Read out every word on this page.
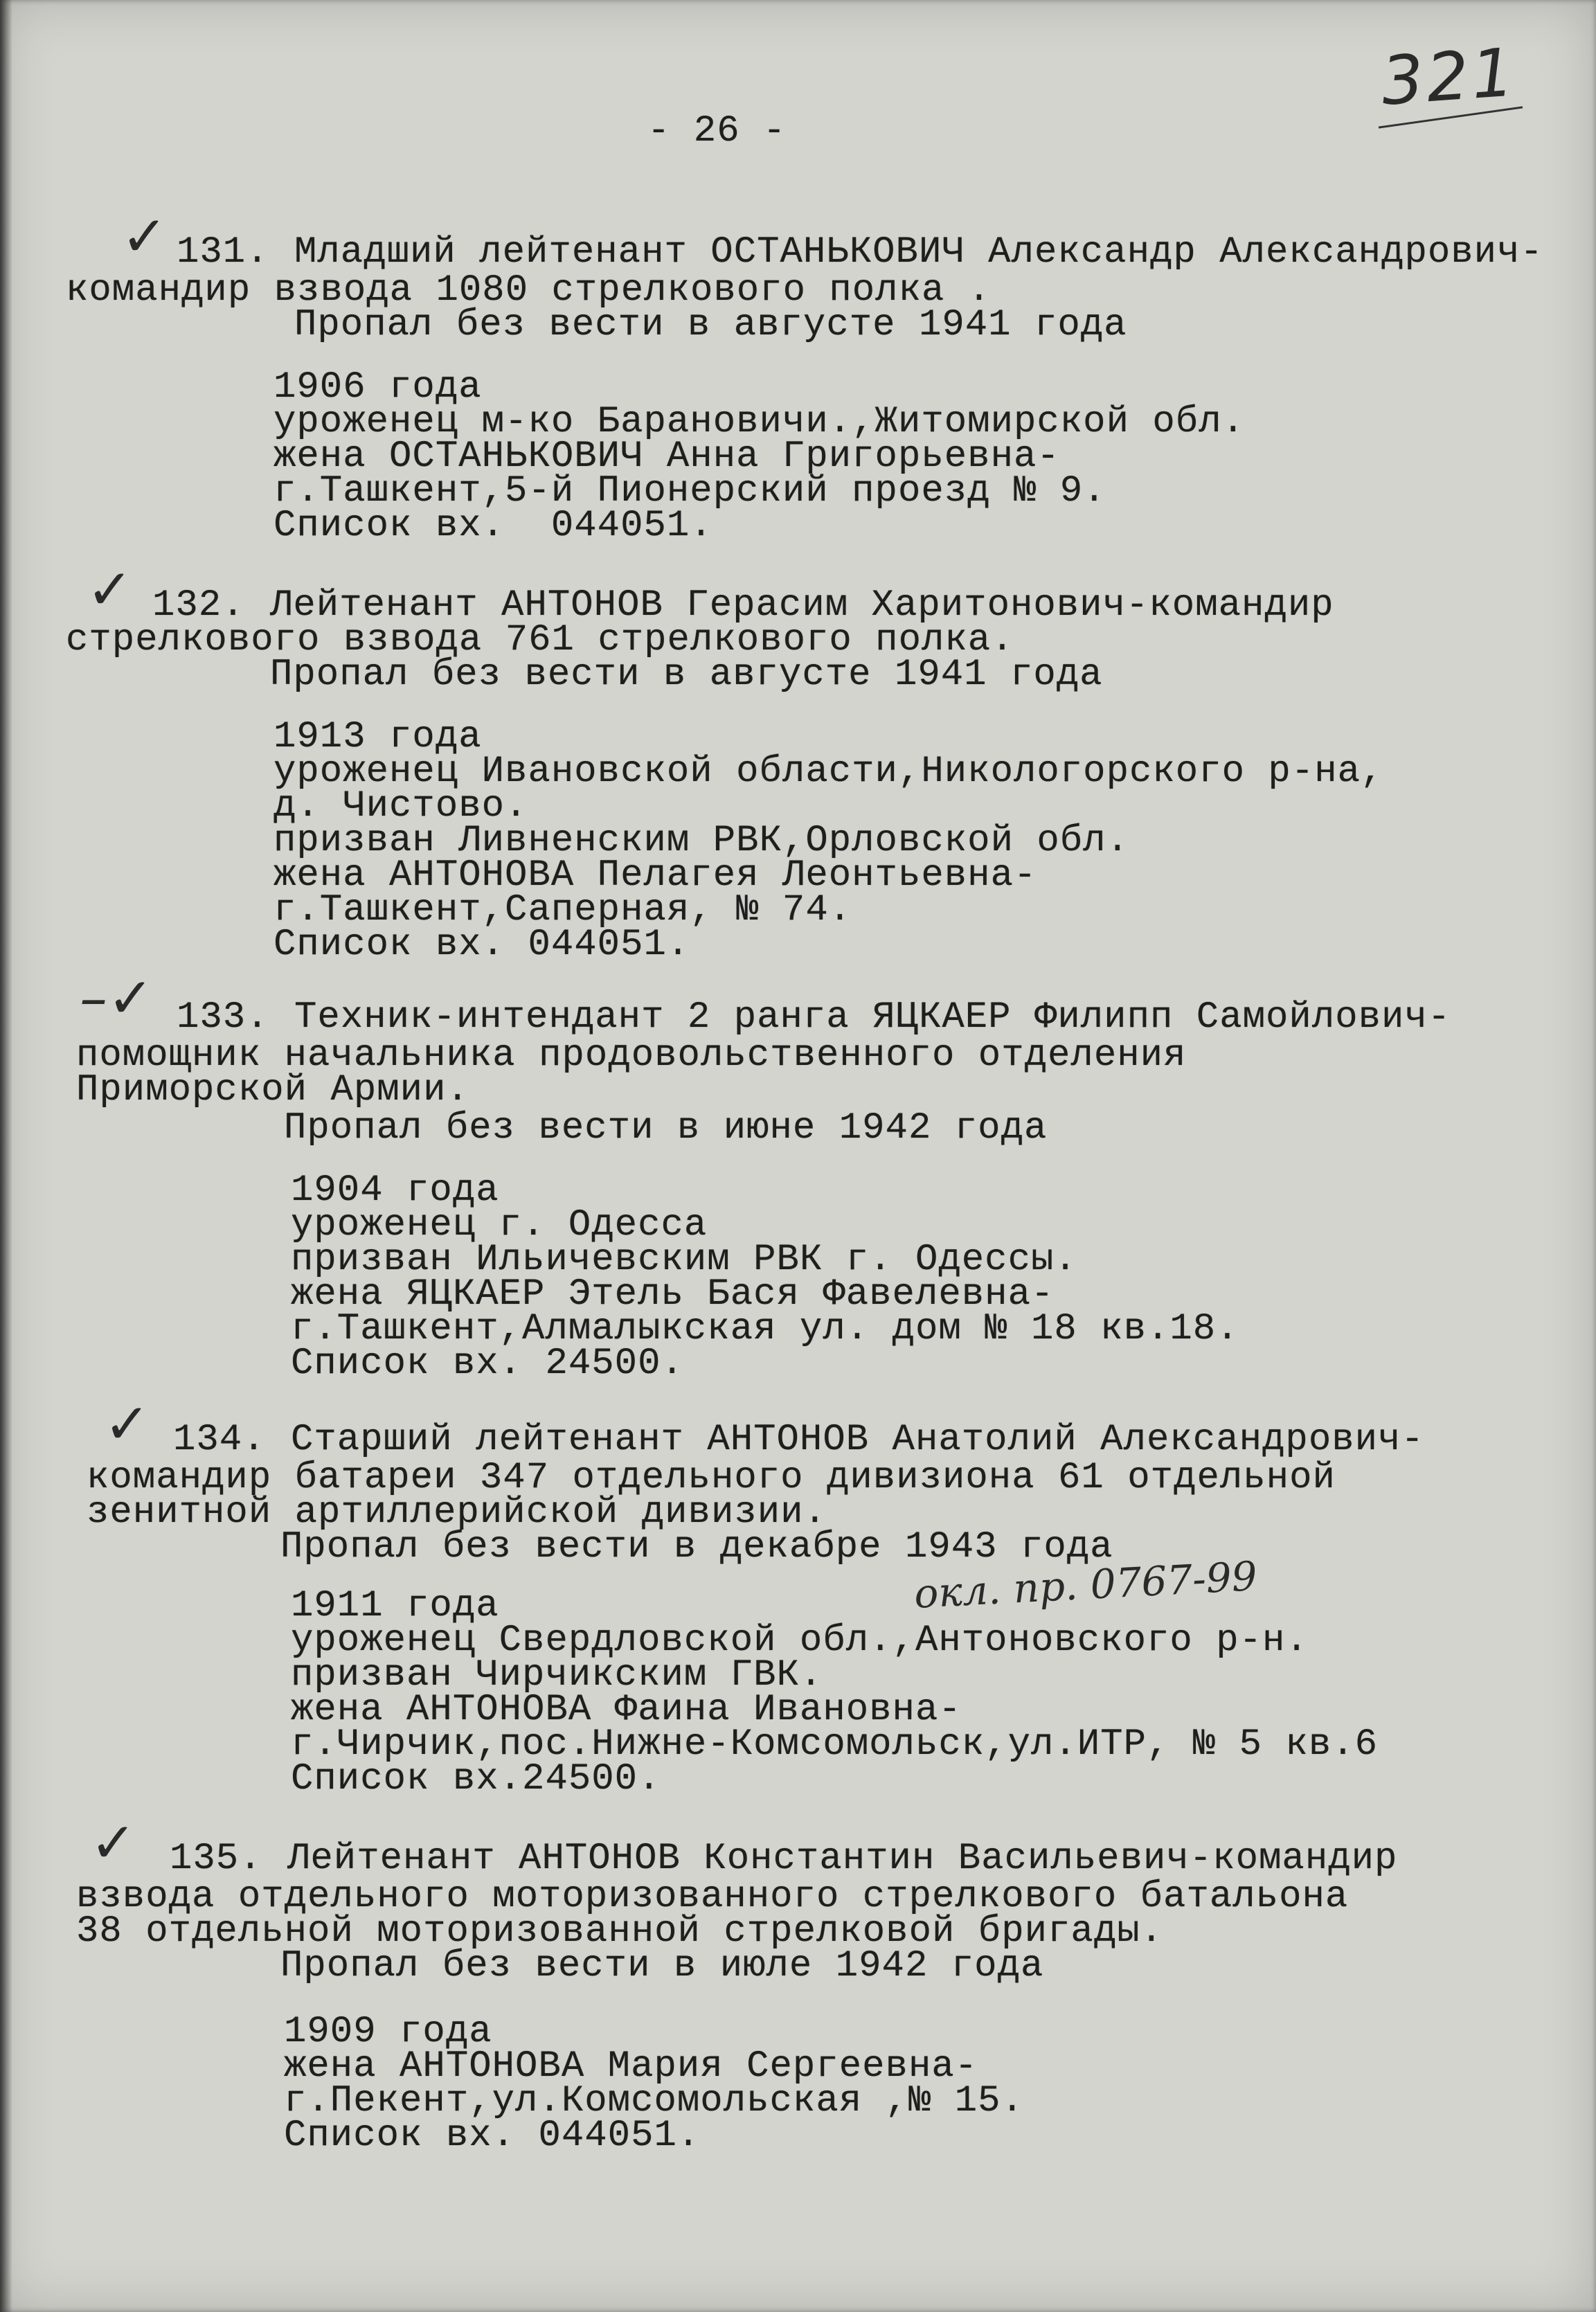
321
- 26 -
✓ 131. Младший лейтенант ОСТАНЬКОВИЧ Александр Александрович-
командир взвода 1080 стрелкового полка .
Пропал без вести в августе 1941 года
1906 года
уроженец м-ко Барановичи.,Житомирской обл.
жена ОСТАНЬКОВИЧ Анна Григорьевна-
г.Ташкент,5-й Пионерский проезд № 9.
Список вх.  044051.
✓ 132. Лейтенант АНТОНОВ Герасим Харитонович-командир
стрелкового взвода 761 стрелкового полка.
Пропал без вести в августе 1941 года
1913 года
уроженец Ивановской области,Никологорского р-на,
д. Чистово.
призван Ливненским РВК,Орловской обл.
жена АНТОНОВА Пелагея Леонтьевна-
г.Ташкент,Саперная, № 74.
Список вх. 044051.
–✓ 133. Техник-интендант 2 ранга ЯЦКАЕР Филипп Самойлович-
помощник начальника продовольственного отделения
Приморской Армии.
Пропал без вести в июне 1942 года
1904 года
уроженец г. Одесса
призван Ильичевским РВК г. Одессы.
жена ЯЦКАЕР Этель Бася Фавелевна-
г.Ташкент,Алмалыкская ул. дом № 18 кв.18.
Список вх. 24500.
✓ 134. Старший лейтенант АНТОНОВ Анатолий Александрович-
командир батареи 347 отдельного дивизиона 61 отдельной
зенитной артиллерийской дивизии.
Пропал без вести в декабре 1943 года
1911 года	окл. пр. 0767-99
уроженец Свердловской обл.,Антоновского р-н.
призван Чирчикским ГВК.
жена АНТОНОВА Фаина Ивановна-
г.Чирчик,пос.Нижне-Комсомольск,ул.ИТР, № 5 кв.6
Список вх.24500.
✓ 135. Лейтенант АНТОНОВ Константин Васильевич-командир
взвода отдельного моторизованного стрелкового батальона
38 отдельной моторизованной стрелковой бригады.
Пропал без вести в июле 1942 года
1909 года
жена АНТОНОВА Мария Сергеевна-
г.Пекент,ул.Комсомольская ,№ 15.
Список вх. 044051.
